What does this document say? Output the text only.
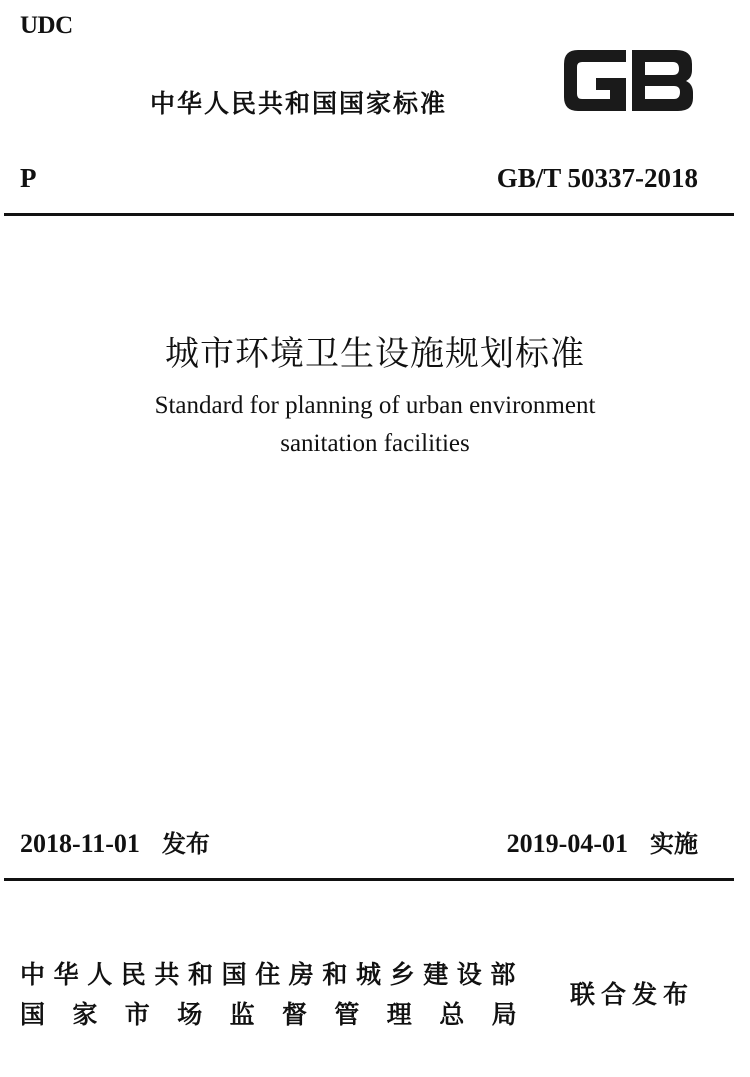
UDC
中华人民共和国国家标准
P	GB/T 50337-2018
城市环境卫生设施规划标准
Standard for planning of urban environment
sanitation facilities
2018-11-01 发布	2019-04-01 实施
中华人民共和国住房和城乡建设部
国家市场监督管理总局
联合发布
